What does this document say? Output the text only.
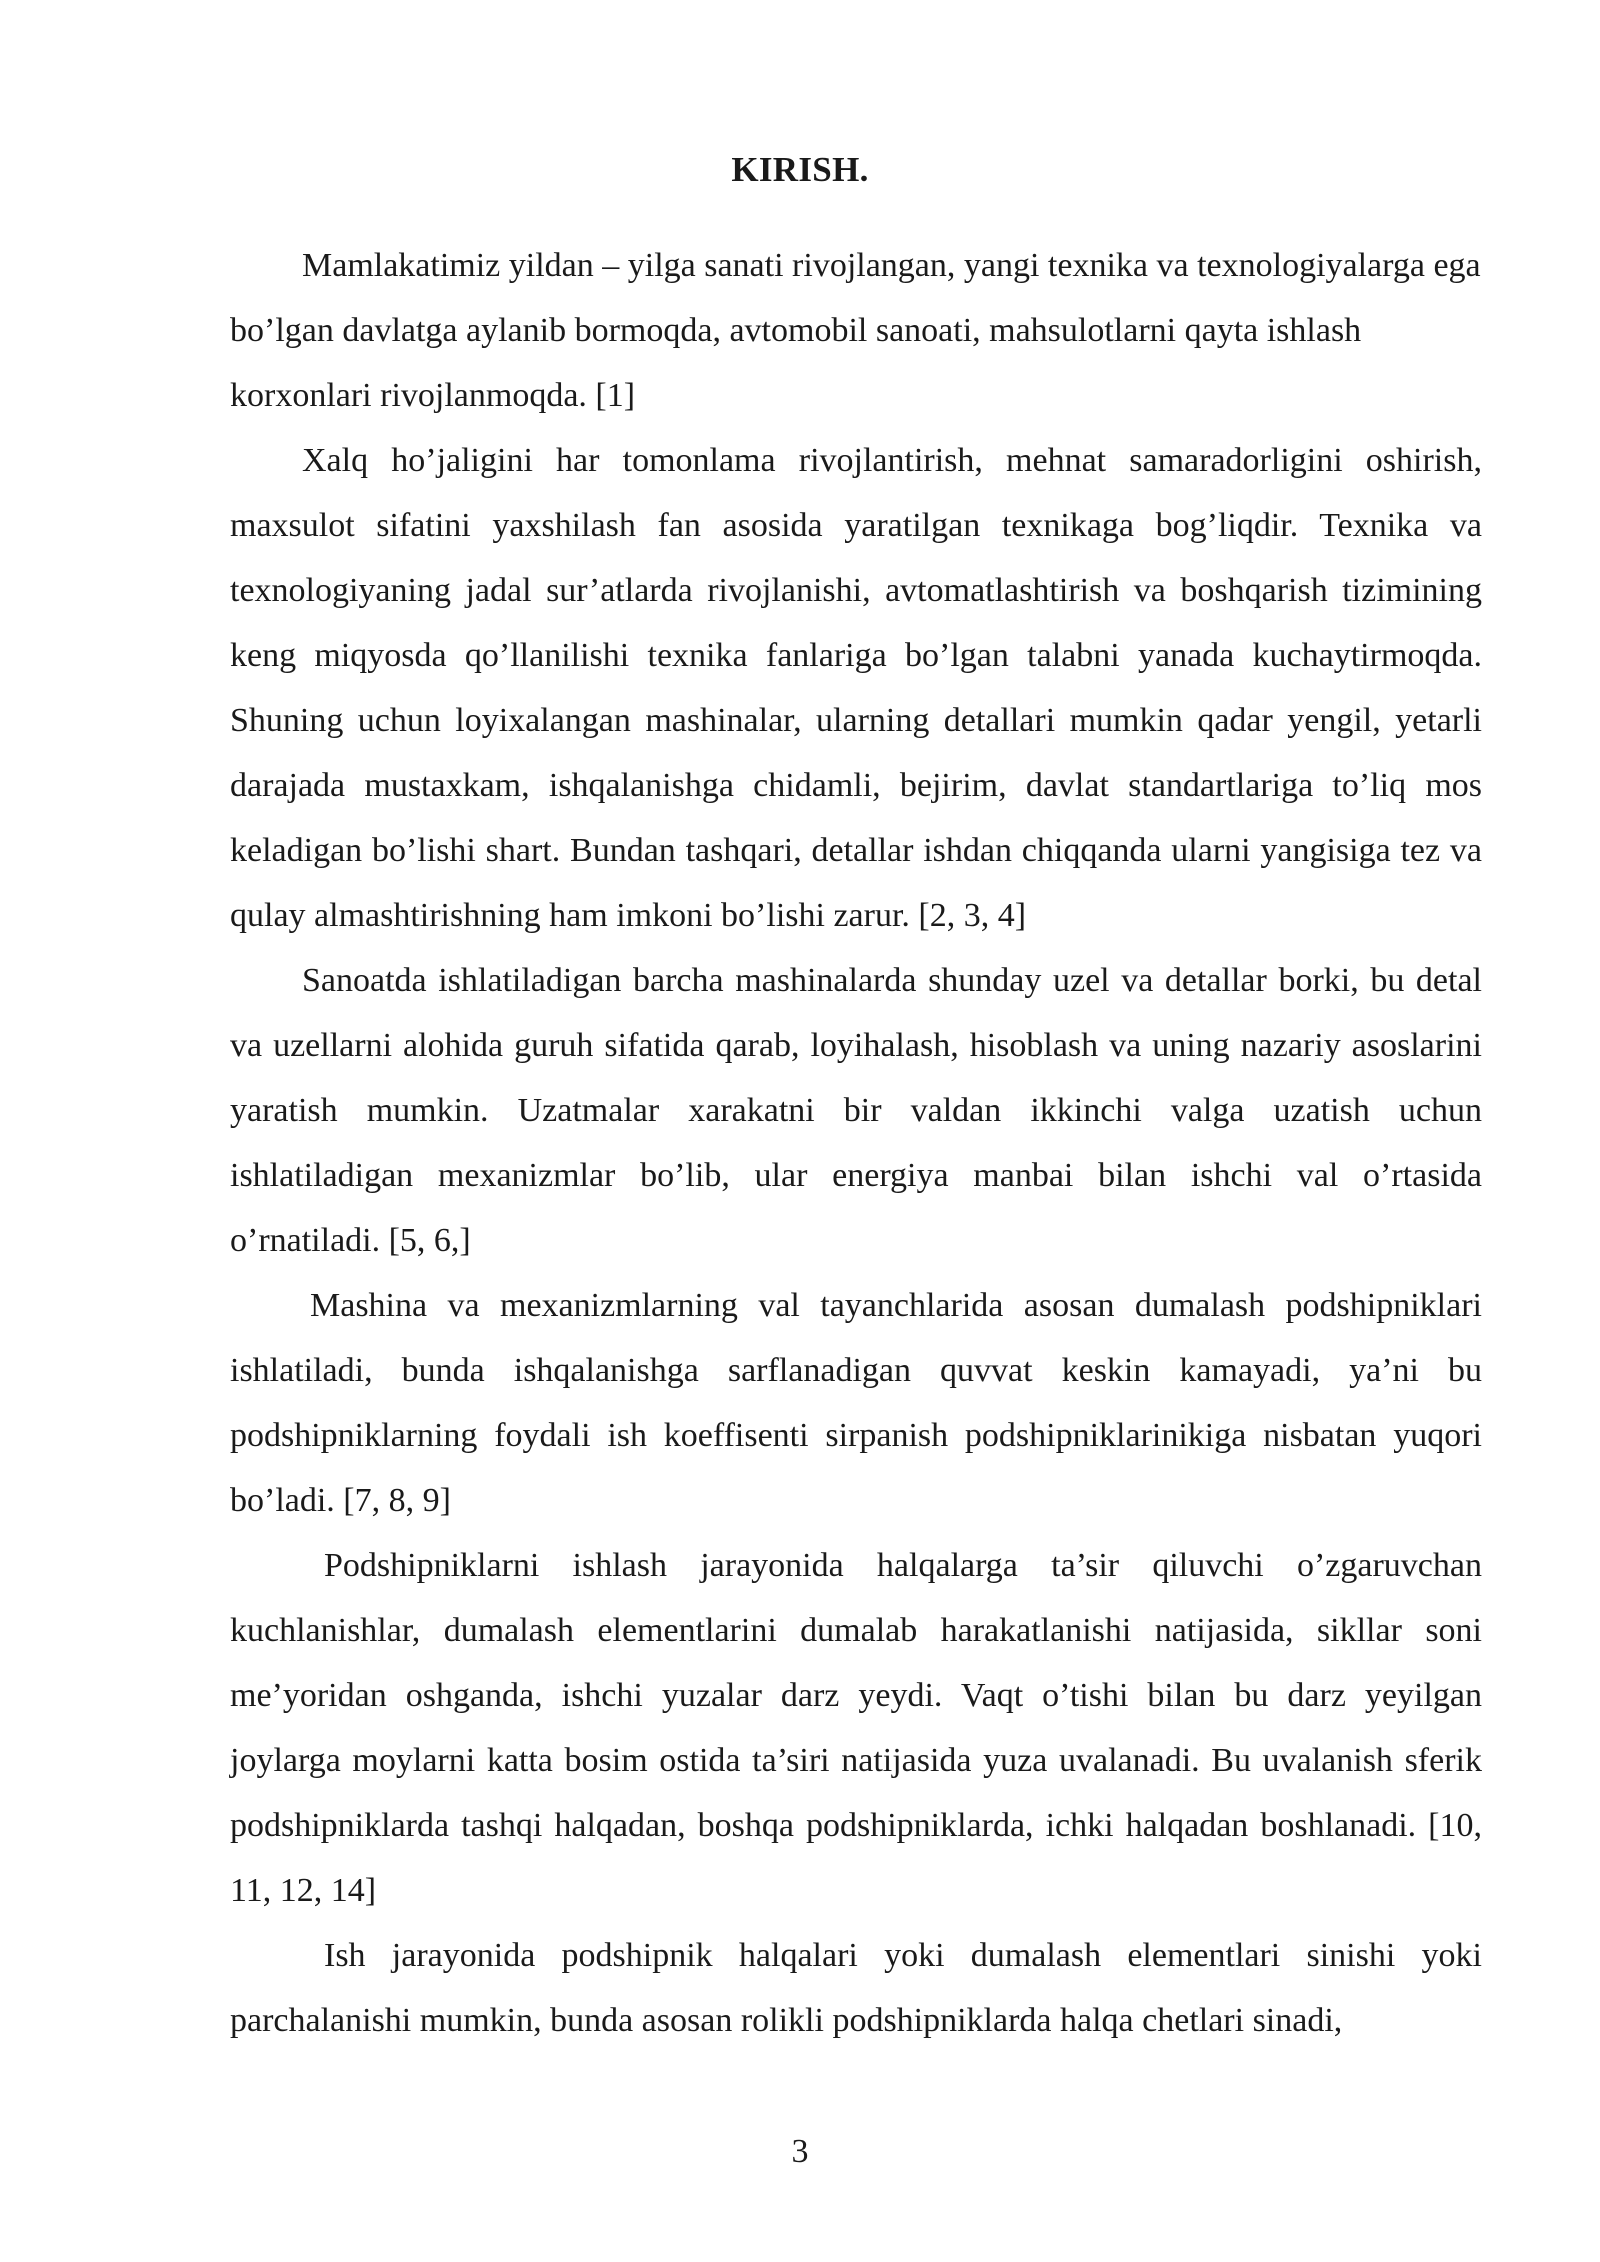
KIRISH.

Mamlakatimiz yildan – yilga sanati rivojlangan, yangi texnika va texnologiyalarga ega bo’lgan davlatga aylanib bormoqda, avtomobil sanoati, mahsulotlarni qayta ishlash korxonlari rivojlanmoqda. [1]

Xalq ho’jaligini har tomonlama rivojlantirish, mehnat samaradorligini oshirish, maxsulot sifatini yaxshilash fan asosida yaratilgan texnikaga bog’liqdir. Texnika va texnologiyaning jadal sur’atlarda rivojlanishi, avtomatlashtirish va boshqarish tizimining keng miqyosda qo’llanilishi texnika fanlariga bo’lgan talabni yanada kuchaytirmoqda. Shuning uchun loyixalangan mashinalar, ularning detallari mumkin qadar yengil, yetarli darajada mustaxkam, ishqalanishga chidamli, bejirim, davlat standartlariga to’liq mos keladigan bo’lishi shart. Bundan tashqari, detallar ishdan chiqqanda ularni yangisiga tez va qulay almashtirishning ham imkoni bo’lishi zarur. [2, 3, 4]

Sanoatda ishlatiladigan barcha mashinalarda shunday uzel va detallar borki, bu detal va uzellarni alohida guruh sifatida qarab, loyihalash, hisoblash va uning nazariy asoslarini yaratish mumkin. Uzatmalar xarakatni bir valdan ikkinchi valga uzatish uchun ishlatiladigan mexanizmlar bo’lib, ular energiya manbai bilan ishchi val o’rtasida o’rnatiladi. [5, 6,]

Mashina va mexanizmlarning val tayanchlarida asosan dumalash podshipniklari ishlatiladi, bunda ishqalanishga sarflanadigan quvvat keskin kamayadi, ya’ni bu podshipniklarning foydali ish koeffisenti sirpanish podshipniklarinikiga nisbatan yuqori bo’ladi. [7, 8, 9]

Podshipniklarni ishlash jarayonida halqalarga ta’sir qiluvchi o’zgaruvchan kuchlanishlar, dumalash elementlarini dumalab harakatlanishi natijasida, sikllar soni me’yoridan oshganda, ishchi yuzalar darz yeydi. Vaqt o’tishi bilan bu darz yeyilgan joylarga moylarni katta bosim ostida ta’siri natijasida yuza uvalanadi. Bu uvalanish sferik podshipniklarda tashqi halqadan, boshqa podshipniklarda, ichki halqadan boshlanadi. [10, 11, 12, 14]

Ish jarayonida podshipnik halqalari yoki dumalash elementlari sinishi yoki parchalanishi mumkin, bunda asosan rolikli podshipniklarda halqa chetlari sinadi,

3
